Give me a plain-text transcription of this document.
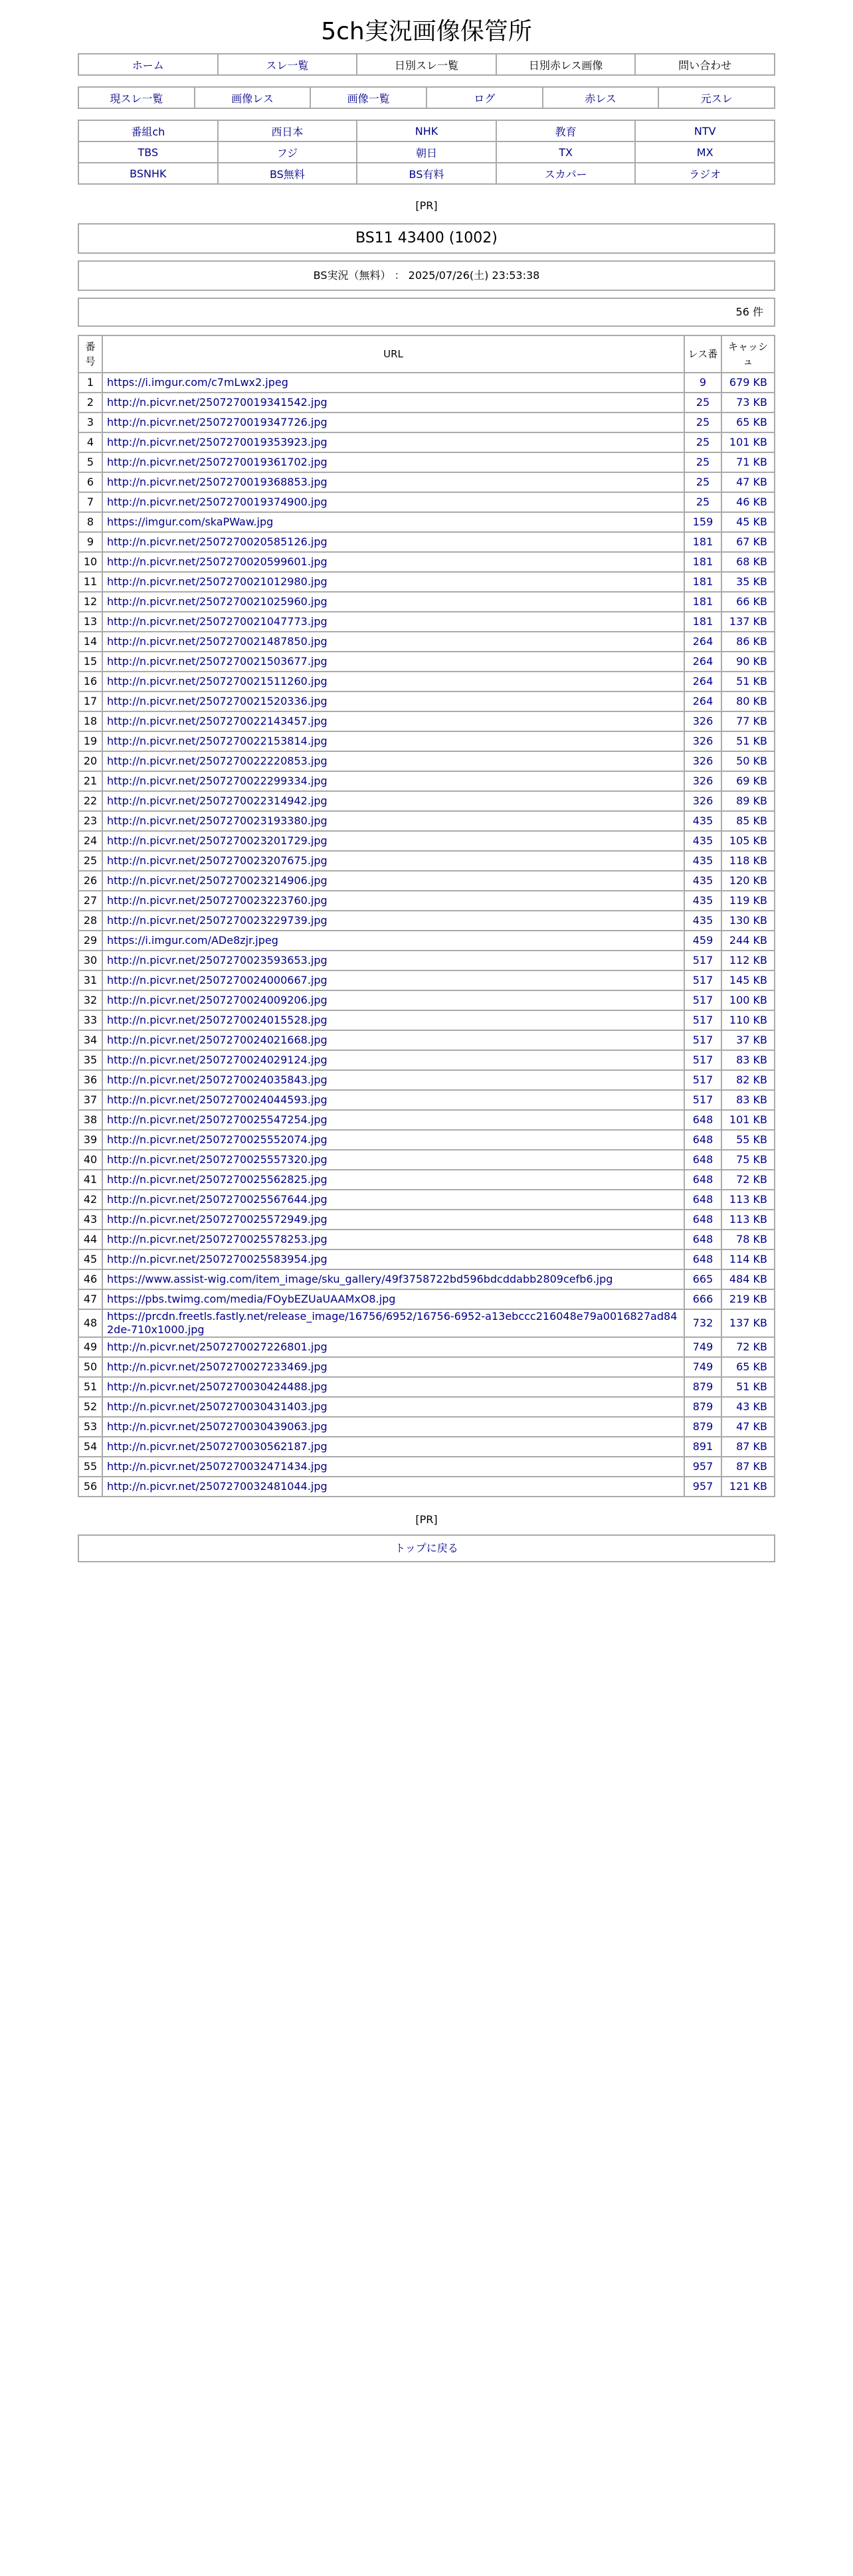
5ch実況画像保管所
ホーム	スレ一覧	日別スレ一覧	日別赤レス画像	問い合わせ
現スレ一覧	画像レス	画像一覧	ログ	赤レス	元スレ
番組ch	西日本	NHK	教育	NTV
TBS	フジ	朝日	TX	MX
BSNHK	BS無料	BS有料	スカパー	ラジオ
[PR]
BS11 43400 (1002)
BS実況（無料） ： 2025/07/26(土) 23:53:38
56 件
番号	URL	レス番	キャッシュ
1	https://i.imgur.com/c7mLwx2.jpeg	9	679 KB
2	http://n.picvr.net/2507270019341542.jpg	25	73 KB
3	http://n.picvr.net/2507270019347726.jpg	25	65 KB
4	http://n.picvr.net/2507270019353923.jpg	25	101 KB
5	http://n.picvr.net/2507270019361702.jpg	25	71 KB
6	http://n.picvr.net/2507270019368853.jpg	25	47 KB
7	http://n.picvr.net/2507270019374900.jpg	25	46 KB
8	https://imgur.com/skaPWaw.jpg	159	45 KB
9	http://n.picvr.net/2507270020585126.jpg	181	67 KB
10	http://n.picvr.net/2507270020599601.jpg	181	68 KB
11	http://n.picvr.net/2507270021012980.jpg	181	35 KB
12	http://n.picvr.net/2507270021025960.jpg	181	66 KB
13	http://n.picvr.net/2507270021047773.jpg	181	137 KB
14	http://n.picvr.net/2507270021487850.jpg	264	86 KB
15	http://n.picvr.net/2507270021503677.jpg	264	90 KB
16	http://n.picvr.net/2507270021511260.jpg	264	51 KB
17	http://n.picvr.net/2507270021520336.jpg	264	80 KB
18	http://n.picvr.net/2507270022143457.jpg	326	77 KB
19	http://n.picvr.net/2507270022153814.jpg	326	51 KB
20	http://n.picvr.net/2507270022220853.jpg	326	50 KB
21	http://n.picvr.net/2507270022299334.jpg	326	69 KB
22	http://n.picvr.net/2507270022314942.jpg	326	89 KB
23	http://n.picvr.net/2507270023193380.jpg	435	85 KB
24	http://n.picvr.net/2507270023201729.jpg	435	105 KB
25	http://n.picvr.net/2507270023207675.jpg	435	118 KB
26	http://n.picvr.net/2507270023214906.jpg	435	120 KB
27	http://n.picvr.net/2507270023223760.jpg	435	119 KB
28	http://n.picvr.net/2507270023229739.jpg	435	130 KB
29	https://i.imgur.com/ADe8zjr.jpeg	459	244 KB
30	http://n.picvr.net/2507270023593653.jpg	517	112 KB
31	http://n.picvr.net/2507270024000667.jpg	517	145 KB
32	http://n.picvr.net/2507270024009206.jpg	517	100 KB
33	http://n.picvr.net/2507270024015528.jpg	517	110 KB
34	http://n.picvr.net/2507270024021668.jpg	517	37 KB
35	http://n.picvr.net/2507270024029124.jpg	517	83 KB
36	http://n.picvr.net/2507270024035843.jpg	517	82 KB
37	http://n.picvr.net/2507270024044593.jpg	517	83 KB
38	http://n.picvr.net/2507270025547254.jpg	648	101 KB
39	http://n.picvr.net/2507270025552074.jpg	648	55 KB
40	http://n.picvr.net/2507270025557320.jpg	648	75 KB
41	http://n.picvr.net/2507270025562825.jpg	648	72 KB
42	http://n.picvr.net/2507270025567644.jpg	648	113 KB
43	http://n.picvr.net/2507270025572949.jpg	648	113 KB
44	http://n.picvr.net/2507270025578253.jpg	648	78 KB
45	http://n.picvr.net/2507270025583954.jpg	648	114 KB
46	https://www.assist-wig.com/item_image/sku_gallery/49f3758722bd596bdcddabb2809cefb6.jpg	665	484 KB
47	https://pbs.twimg.com/media/FOybEZUaUAAMxO8.jpg	666	219 KB
48	https://prcdn.freetls.fastly.net/release_image/16756/6952/16756-6952-a13ebccc216048e79a0016827ad842de-710x1000.jpg	732	137 KB
49	http://n.picvr.net/2507270027226801.jpg	749	72 KB
50	http://n.picvr.net/2507270027233469.jpg	749	65 KB
51	http://n.picvr.net/2507270030424488.jpg	879	51 KB
52	http://n.picvr.net/2507270030431403.jpg	879	43 KB
53	http://n.picvr.net/2507270030439063.jpg	879	47 KB
54	http://n.picvr.net/2507270030562187.jpg	891	87 KB
55	http://n.picvr.net/2507270032471434.jpg	957	87 KB
56	http://n.picvr.net/2507270032481044.jpg	957	121 KB
[PR]
トップに戻る
